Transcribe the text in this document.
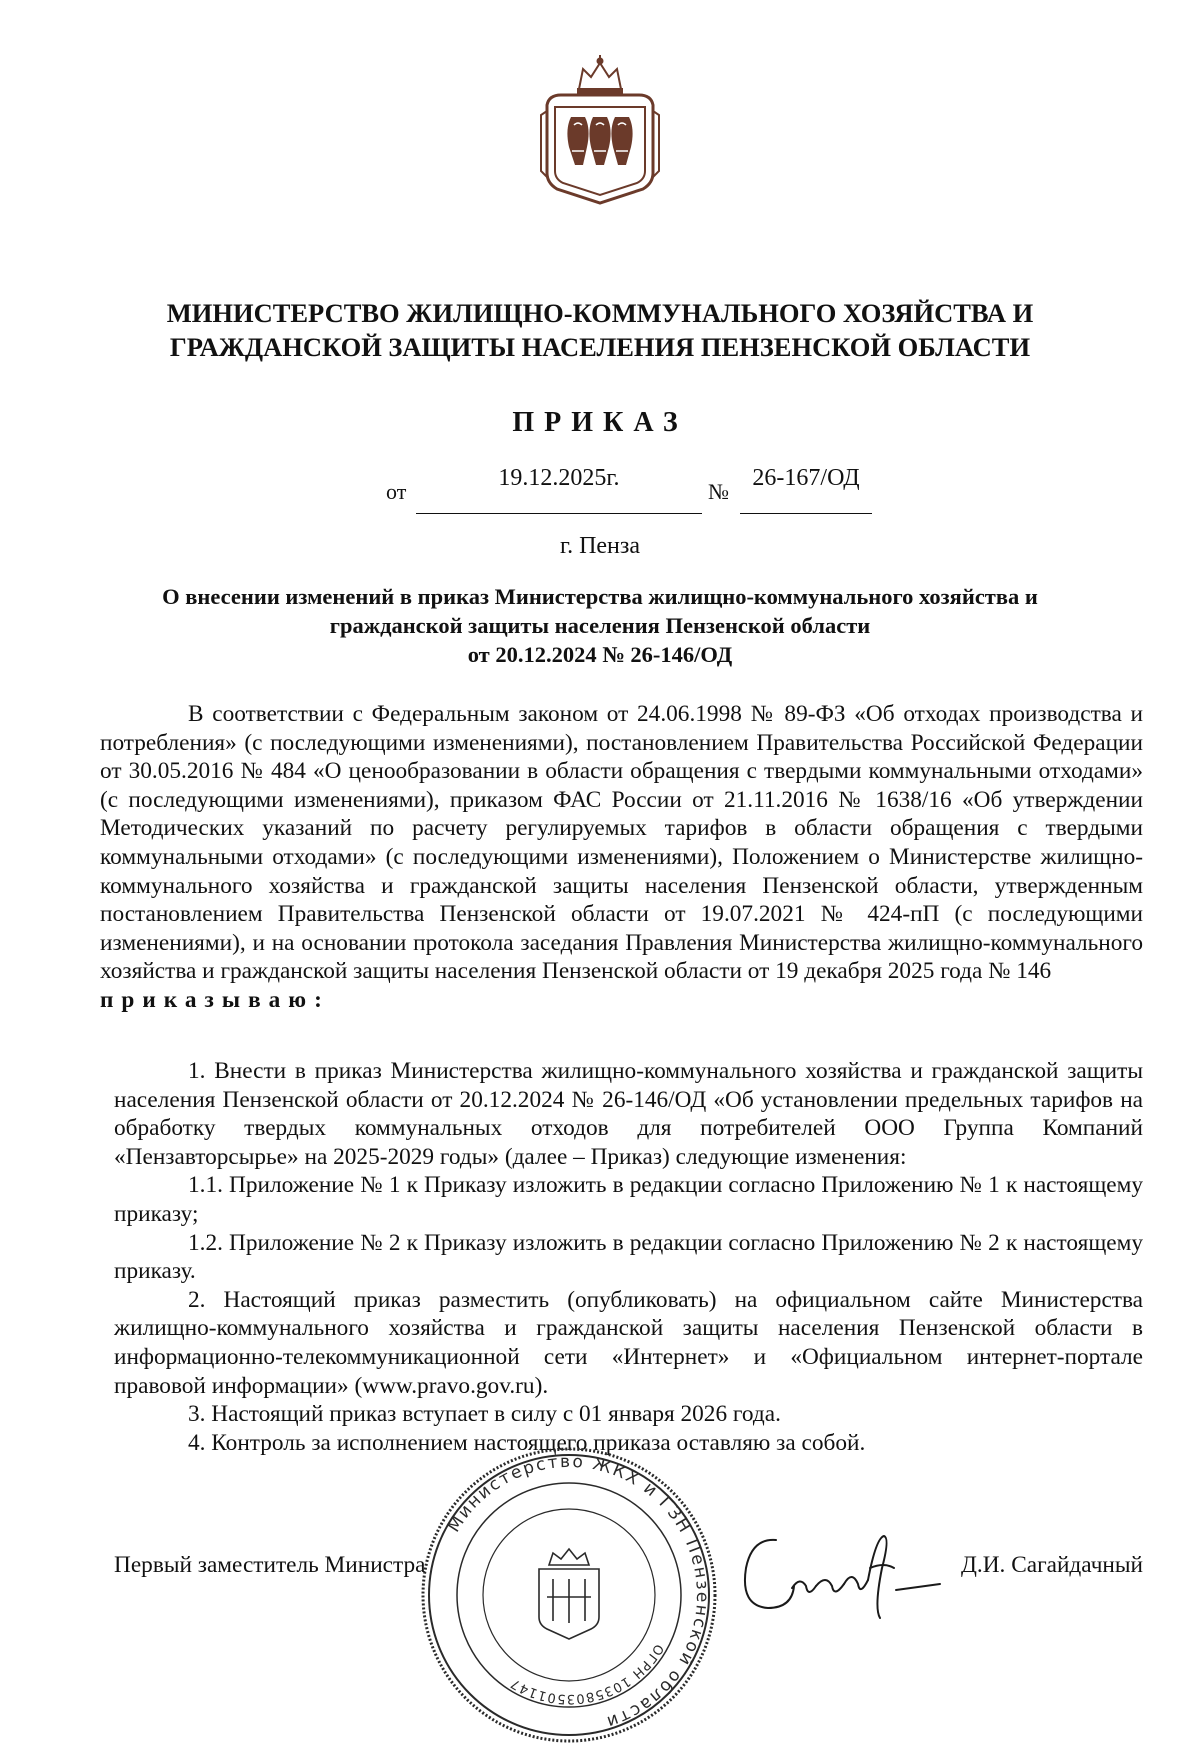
МИНИСТЕРСТВО ЖИЛИЩНО-КОММУНАЛЬНОГО ХОЗЯЙСТВА И
ГРАЖДАНСКОЙ ЗАЩИТЫ НАСЕЛЕНИЯ ПЕНЗЕНСКОЙ ОБЛАСТИ
ПРИКАЗ
от
19.12.2025г.
№
26-167/ОД
г. Пенза
О внесении изменений в приказ Министерства жилищно-коммунального хозяйства и
гражданской защиты населения Пензенской области
от 20.12.2024 № 26-146/ОД

В соответствии с Федеральным законом от 24.06.1998 № 89-ФЗ «Об отходах производства и потребления» (с последующими изменениями), постановлением Правительства Российской Федерации от 30.05.2016 № 484 «О ценообразовании в области обращения с твердыми коммунальными отходами» (с последующими изменениями), приказом ФАС России от 21.11.2016 № 1638/16 «Об утверждении Методических указаний по расчету регулируемых тарифов в области обращения с твердыми коммунальными отходами» (с последующими изменениями), Положением о Министерстве жилищно-коммунального хозяйства и гражданской защиты населения Пензенской области, утвержденным постановлением Правительства Пензенской области от 19.07.2021 № 424-пП (с последующими изменениями), и на основании протокола заседания Правления Министерства жилищно-коммунального хозяйства и гражданской защиты населения Пензенской области от 19 декабря 2025 года № 146

приказываю:

1. Внести в приказ Министерства жилищно-коммунального хозяйства и гражданской защиты населения Пензенской области от 20.12.2024 № 26-146/ОД «Об установлении предельных тарифов на обработку твердых коммунальных отходов для потребителей ООО Группа Компаний «Пензавторсырье» на 2025-2029 годы» (далее – Приказ) следующие изменения:

1.1. Приложение № 1 к Приказу изложить в редакции согласно Приложению № 1 к настоящему приказу;

1.2. Приложение № 2 к Приказу изложить в редакции согласно Приложению № 2 к настоящему приказу.

2. Настоящий приказ разместить (опубликовать) на официальном сайте Министерства жилищно-коммунального хозяйства и гражданской защиты населения Пензенской области в информационно-телекоммуникационной сети «Интернет» и «Официальном интернет-портале правовой информации» (www.pravo.gov.ru).

3. Настоящий приказ вступает в силу с 01 января 2026 года.

4. Контроль за исполнением настоящего приказа оставляю за собой.

Министерство ЖКХ и ГЗН Пензенской области
ОГРН 1035803501147
Первый заместитель Министра	Д.И. Сагайдачный
